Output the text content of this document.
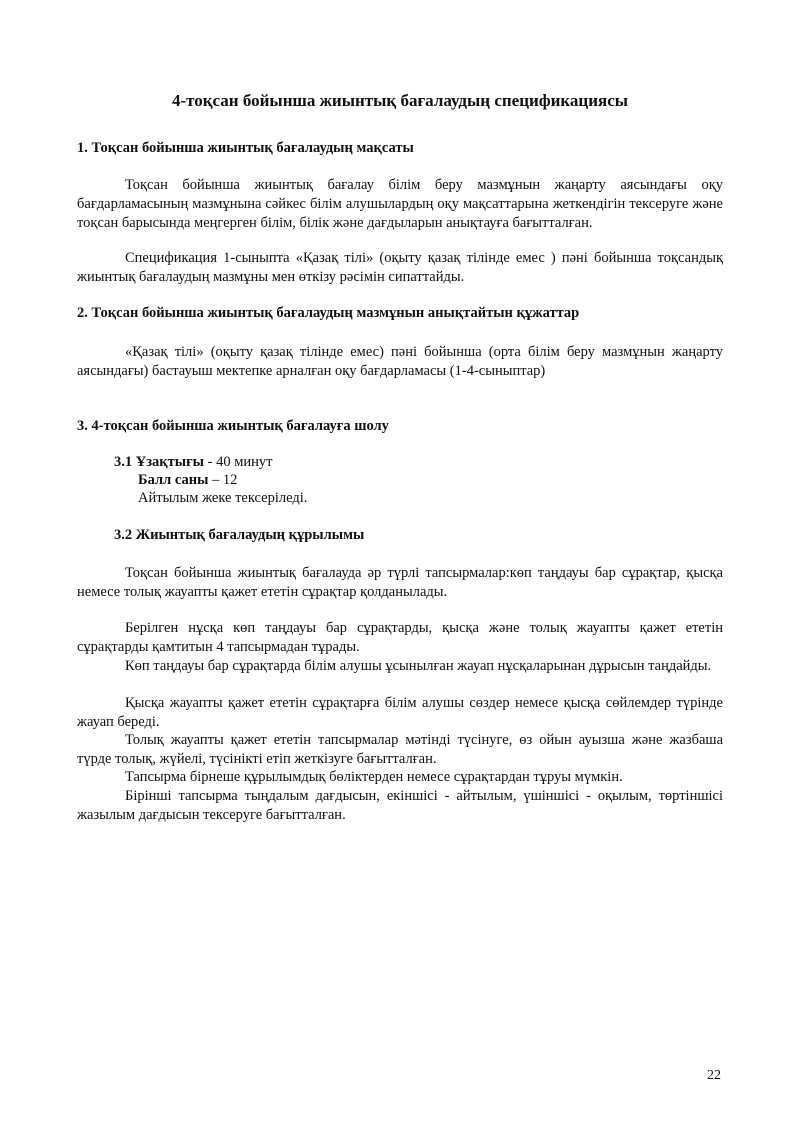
4-тоқсан бойынша жиынтық бағалаудың спецификациясы
1. Тоқсан бойынша жиынтық бағалаудың мақсаты
Тоқсан бойынша жиынтық бағалау білім беру мазмұнын жаңарту аясындағы оқу бағдарламасының мазмұнына сәйкес білім алушылардың оқу мақсаттарына жеткендігін тексеруге және тоқсан барысында меңгерген білім, білік және дағдыларын анықтауға бағытталған.
Спецификация 1-сыныпта «Қазақ тілі» (оқыту қазақ тілінде емес ) пәні бойынша тоқсандық жиынтық бағалаудың мазмұны мен өткізу рәсімін сипаттайды.
2. Тоқсан бойынша жиынтық бағалаудың мазмұнын анықтайтын құжаттар
«Қазақ тілі» (оқыту қазақ тілінде емес) пәні бойынша (орта білім беру мазмұнын жаңарту аясындағы) бастауыш мектепке арналған оқу бағдарламасы (1-4-сыныптар)
3. 4-тоқсан бойынша жиынтық бағалауға шолу
3.1 Ұзақтығы - 40 минут
Балл саны – 12
Айтылым жеке тексеріледі.
3.2 Жиынтық бағалаудың құрылымы
Тоқсан бойынша жиынтық бағалауда әр түрлі тапсырмалар:көп таңдауы бар сұрақтар, қысқа немесе толық жауапты қажет ететін сұрақтар қолданылады.
Берілген нұсқа көп таңдауы бар сұрақтарды, қысқа және толық жауапты қажет ететін сұрақтарды қамтитын 4 тапсырмадан тұрады.
Көп таңдауы бар сұрақтарда білім алушы ұсынылған жауап нұсқаларынан дұрысын таңдайды.
Қысқа жауапты қажет ететін сұрақтарға білім алушы сөздер немесе қысқа сөйлемдер түрінде жауап береді.
Толық жауапты қажет ететін тапсырмалар мәтінді түсінуге, өз ойын ауызша және жазбаша түрде толық, жүйелі, түсінікті етіп жеткізуге бағытталған.
Тапсырма бірнеше құрылымдық бөліктерден немесе сұрақтардан тұруы мүмкін.
Бірінші тапсырма тыңдалым дағдысын, екіншісі - айтылым, үшіншісі - оқылым, төртіншісі жазылым дағдысын тексеруге бағытталған.
22
